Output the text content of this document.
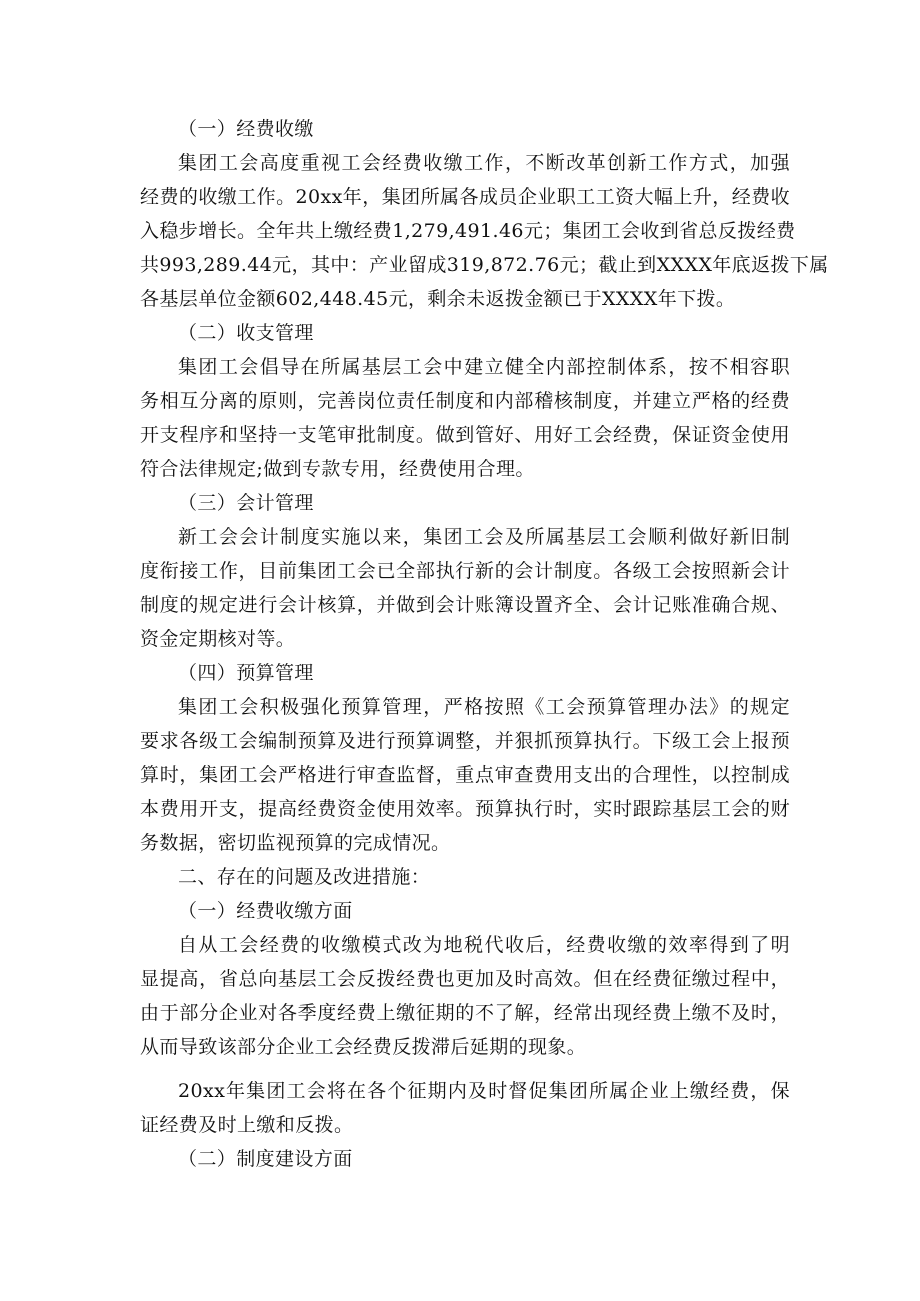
（一）经费收缴
集团工会高度重视工会经费收缴工作，不断改革创新工作方式，加强
经费的收缴工作。20xx年，集团所属各成员企业职工工资大幅上升，经费收
入稳步增长。全年共上缴经费1,279,491.46元；集团工会收到省总反拨经费
共993,289.44元，其中：产业留成319,872.76元；截止到XXXX年底返拨下属
各基层单位金额602,448.45元，剩余未返拨金额已于XXXX年下拨。
（二）收支管理
集团工会倡导在所属基层工会中建立健全内部控制体系，按不相容职
务相互分离的原则，完善岗位责任制度和内部稽核制度，并建立严格的经费
开支程序和坚持一支笔审批制度。做到管好、用好工会经费，保证资金使用
符合法律规定;做到专款专用，经费使用合理。
（三）会计管理
新工会会计制度实施以来，集团工会及所属基层工会顺利做好新旧制
度衔接工作，目前集团工会已全部执行新的会计制度。各级工会按照新会计
制度的规定进行会计核算，并做到会计账簿设置齐全、会计记账准确合规、
资金定期核对等。
（四）预算管理
集团工会积极强化预算管理，严格按照《工会预算管理办法》的规定
要求各级工会编制预算及进行预算调整，并狠抓预算执行。下级工会上报预
算时，集团工会严格进行审查监督，重点审查费用支出的合理性，以控制成
本费用开支，提高经费资金使用效率。预算执行时，实时跟踪基层工会的财
务数据，密切监视预算的完成情况。
二、存在的问题及改进措施：
（一）经费收缴方面
自从工会经费的收缴模式改为地税代收后，经费收缴的效率得到了明
显提高，省总向基层工会反拨经费也更加及时高效。但在经费征缴过程中，
由于部分企业对各季度经费上缴征期的不了解，经常出现经费上缴不及时，
从而导致该部分企业工会经费反拨滞后延期的现象。
20xx年集团工会将在各个征期内及时督促集团所属企业上缴经费，保
证经费及时上缴和反拨。
（二）制度建设方面
